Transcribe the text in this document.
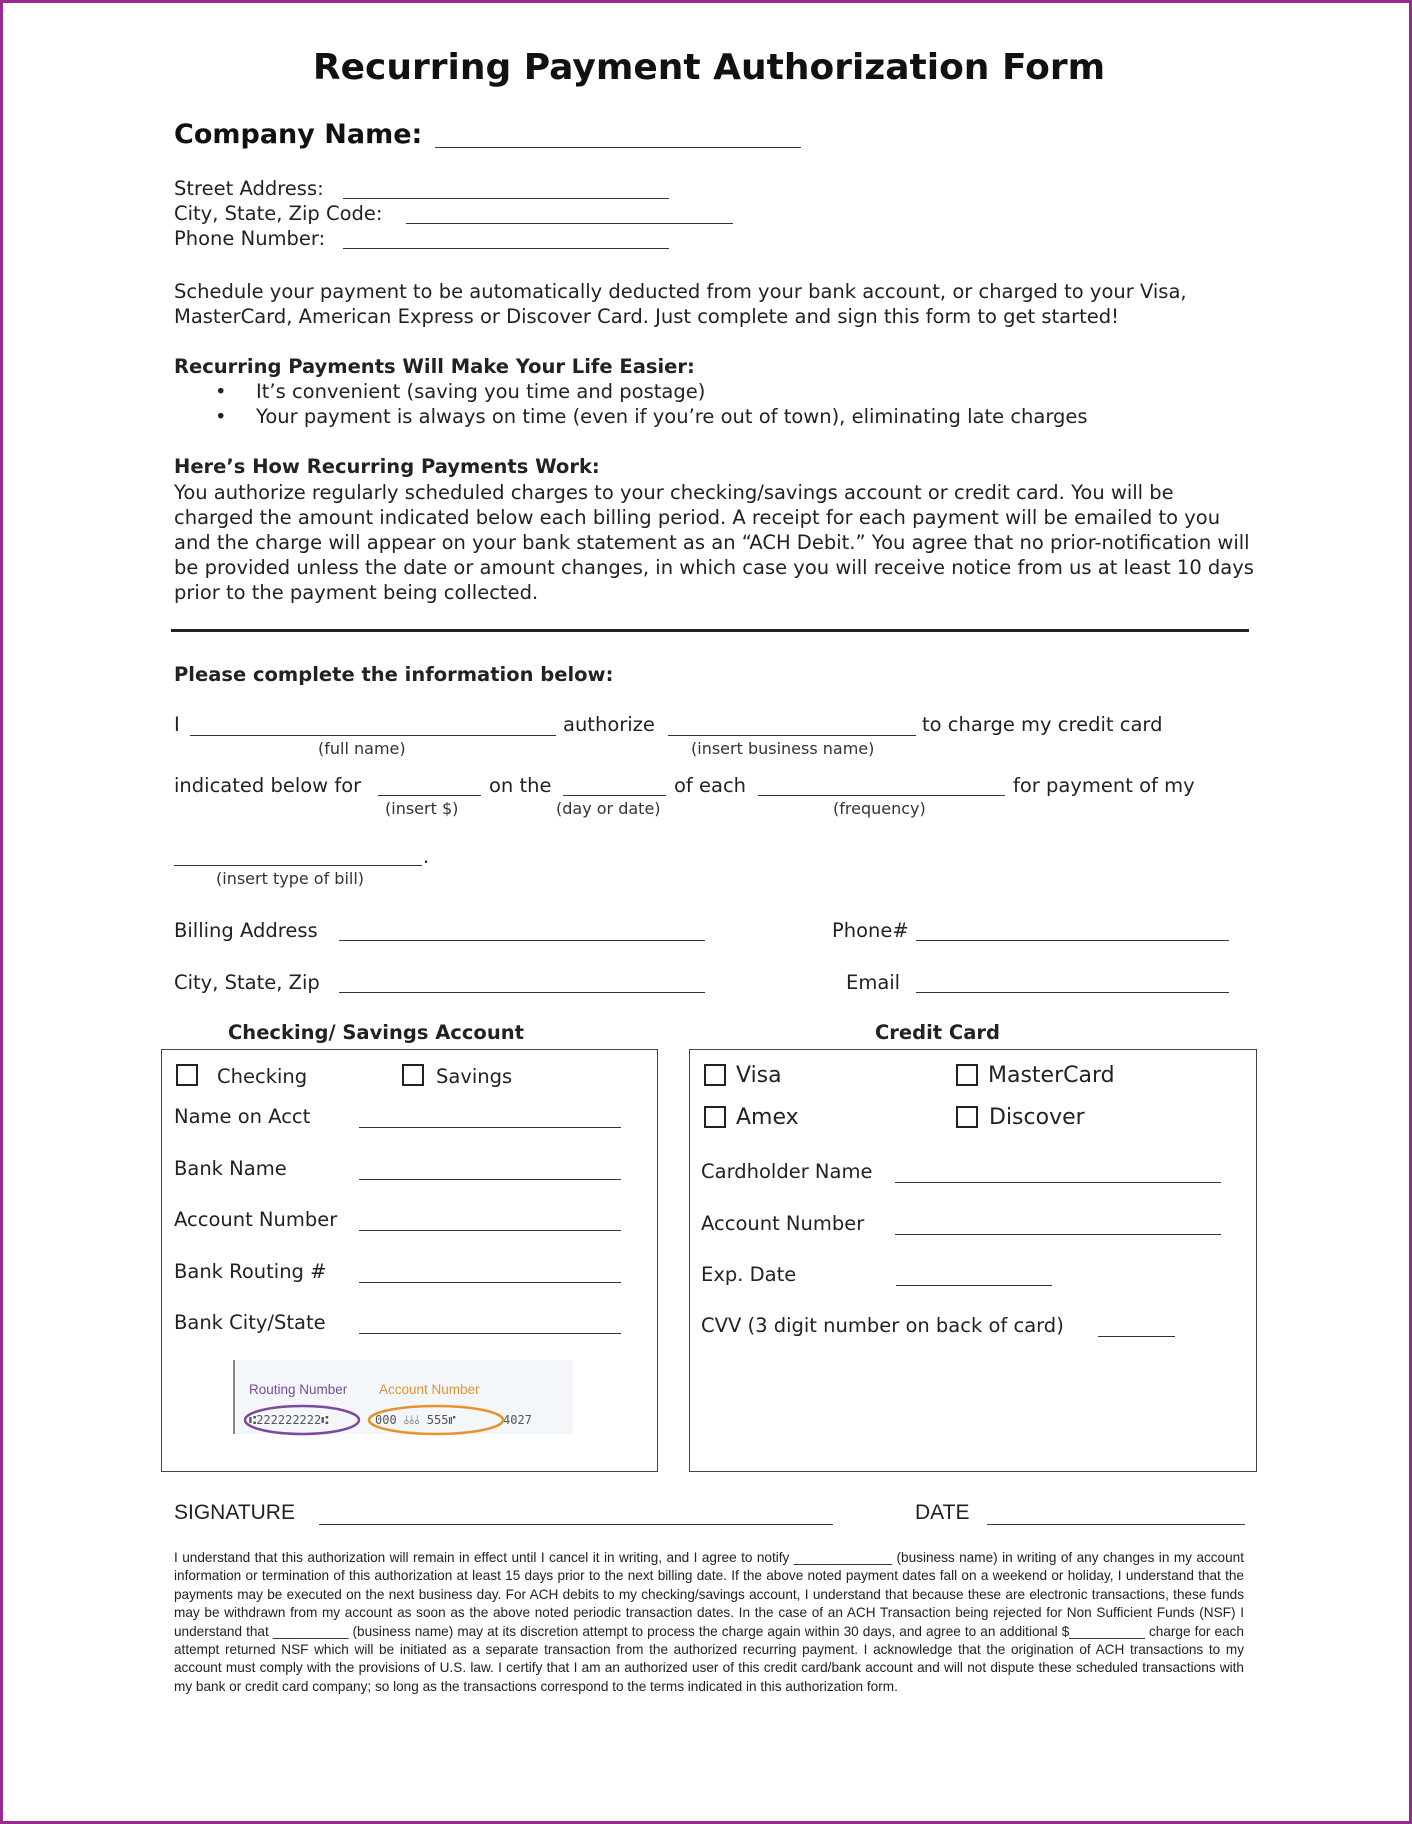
Recurring Payment Authorization Form
Company Name:
Street Address:
City, State, Zip Code:
Phone Number:
Schedule your payment to be automatically deducted from your bank account, or charged to your Visa, MasterCard, American Express or Discover Card. Just complete and sign this form to get started!
Recurring Payments Will Make Your Life Easier:
• It’s convenient (saving you time and postage)
• Your payment is always on time (even if you’re out of town), eliminating late charges
Here’s How Recurring Payments Work:
You authorize regularly scheduled charges to your checking/savings account or credit card. You will be charged the amount indicated below each billing period. A receipt for each payment will be emailed to you and the charge will appear on your bank statement as an “ACH Debit.” You agree that no prior-notification will be provided unless the date or amount changes, in which case you will receive notice from us at least 10 days prior to the payment being collected.
Please complete the information below:
I
(full name)
authorize
(insert business name)
to charge my credit card
indicated below for
(insert $)
on the
(day or date)
of each
(frequency)
for payment of my
.
(insert type of bill)
Billing Address	Phone#
City, State, Zip	Email
Checking/ Savings Account	Credit Card
Checking	Savings
Name on Acct
Bank Name
Account Number
Bank Routing #
Bank City/State
Routing Number Account Number
⑆222222222⑆	000 ⫰⫰⫰ 555⑈	4027
Visa	MasterCard
Amex	Discover
Cardholder Name
Account Number
Exp. Date
CVV (3 digit number on back of card)
SIGNATURE	DATE
I understand that this authorization will remain in effect until I cancel it in writing, and I agree to notify _____________ (business name) in writing of any changes in my account information or termination of this authorization at least 15 days prior to the next billing date. If the above noted payment dates fall on a weekend or holiday, I understand that the payments may be executed on the next business day. For ACH debits to my checking/savings account, I understand that because these are electronic transactions, these funds may be withdrawn from my account as soon as the above noted periodic transaction dates. In the case of an ACH Transaction being rejected for Non Sufficient Funds (NSF) I understand that __________ (business name) may at its discretion attempt to process the charge again within 30 days, and agree to an additional $__________ charge for each attempt returned NSF which will be initiated as a separate transaction from the authorized recurring payment. I acknowledge that the origination of ACH transactions to my account must comply with the provisions of U.S. law. I certify that I am an authorized user of this credit card/bank account and will not dispute these scheduled transactions with my bank or credit card company; so long as the transactions correspond to the terms indicated in this authorization form.
